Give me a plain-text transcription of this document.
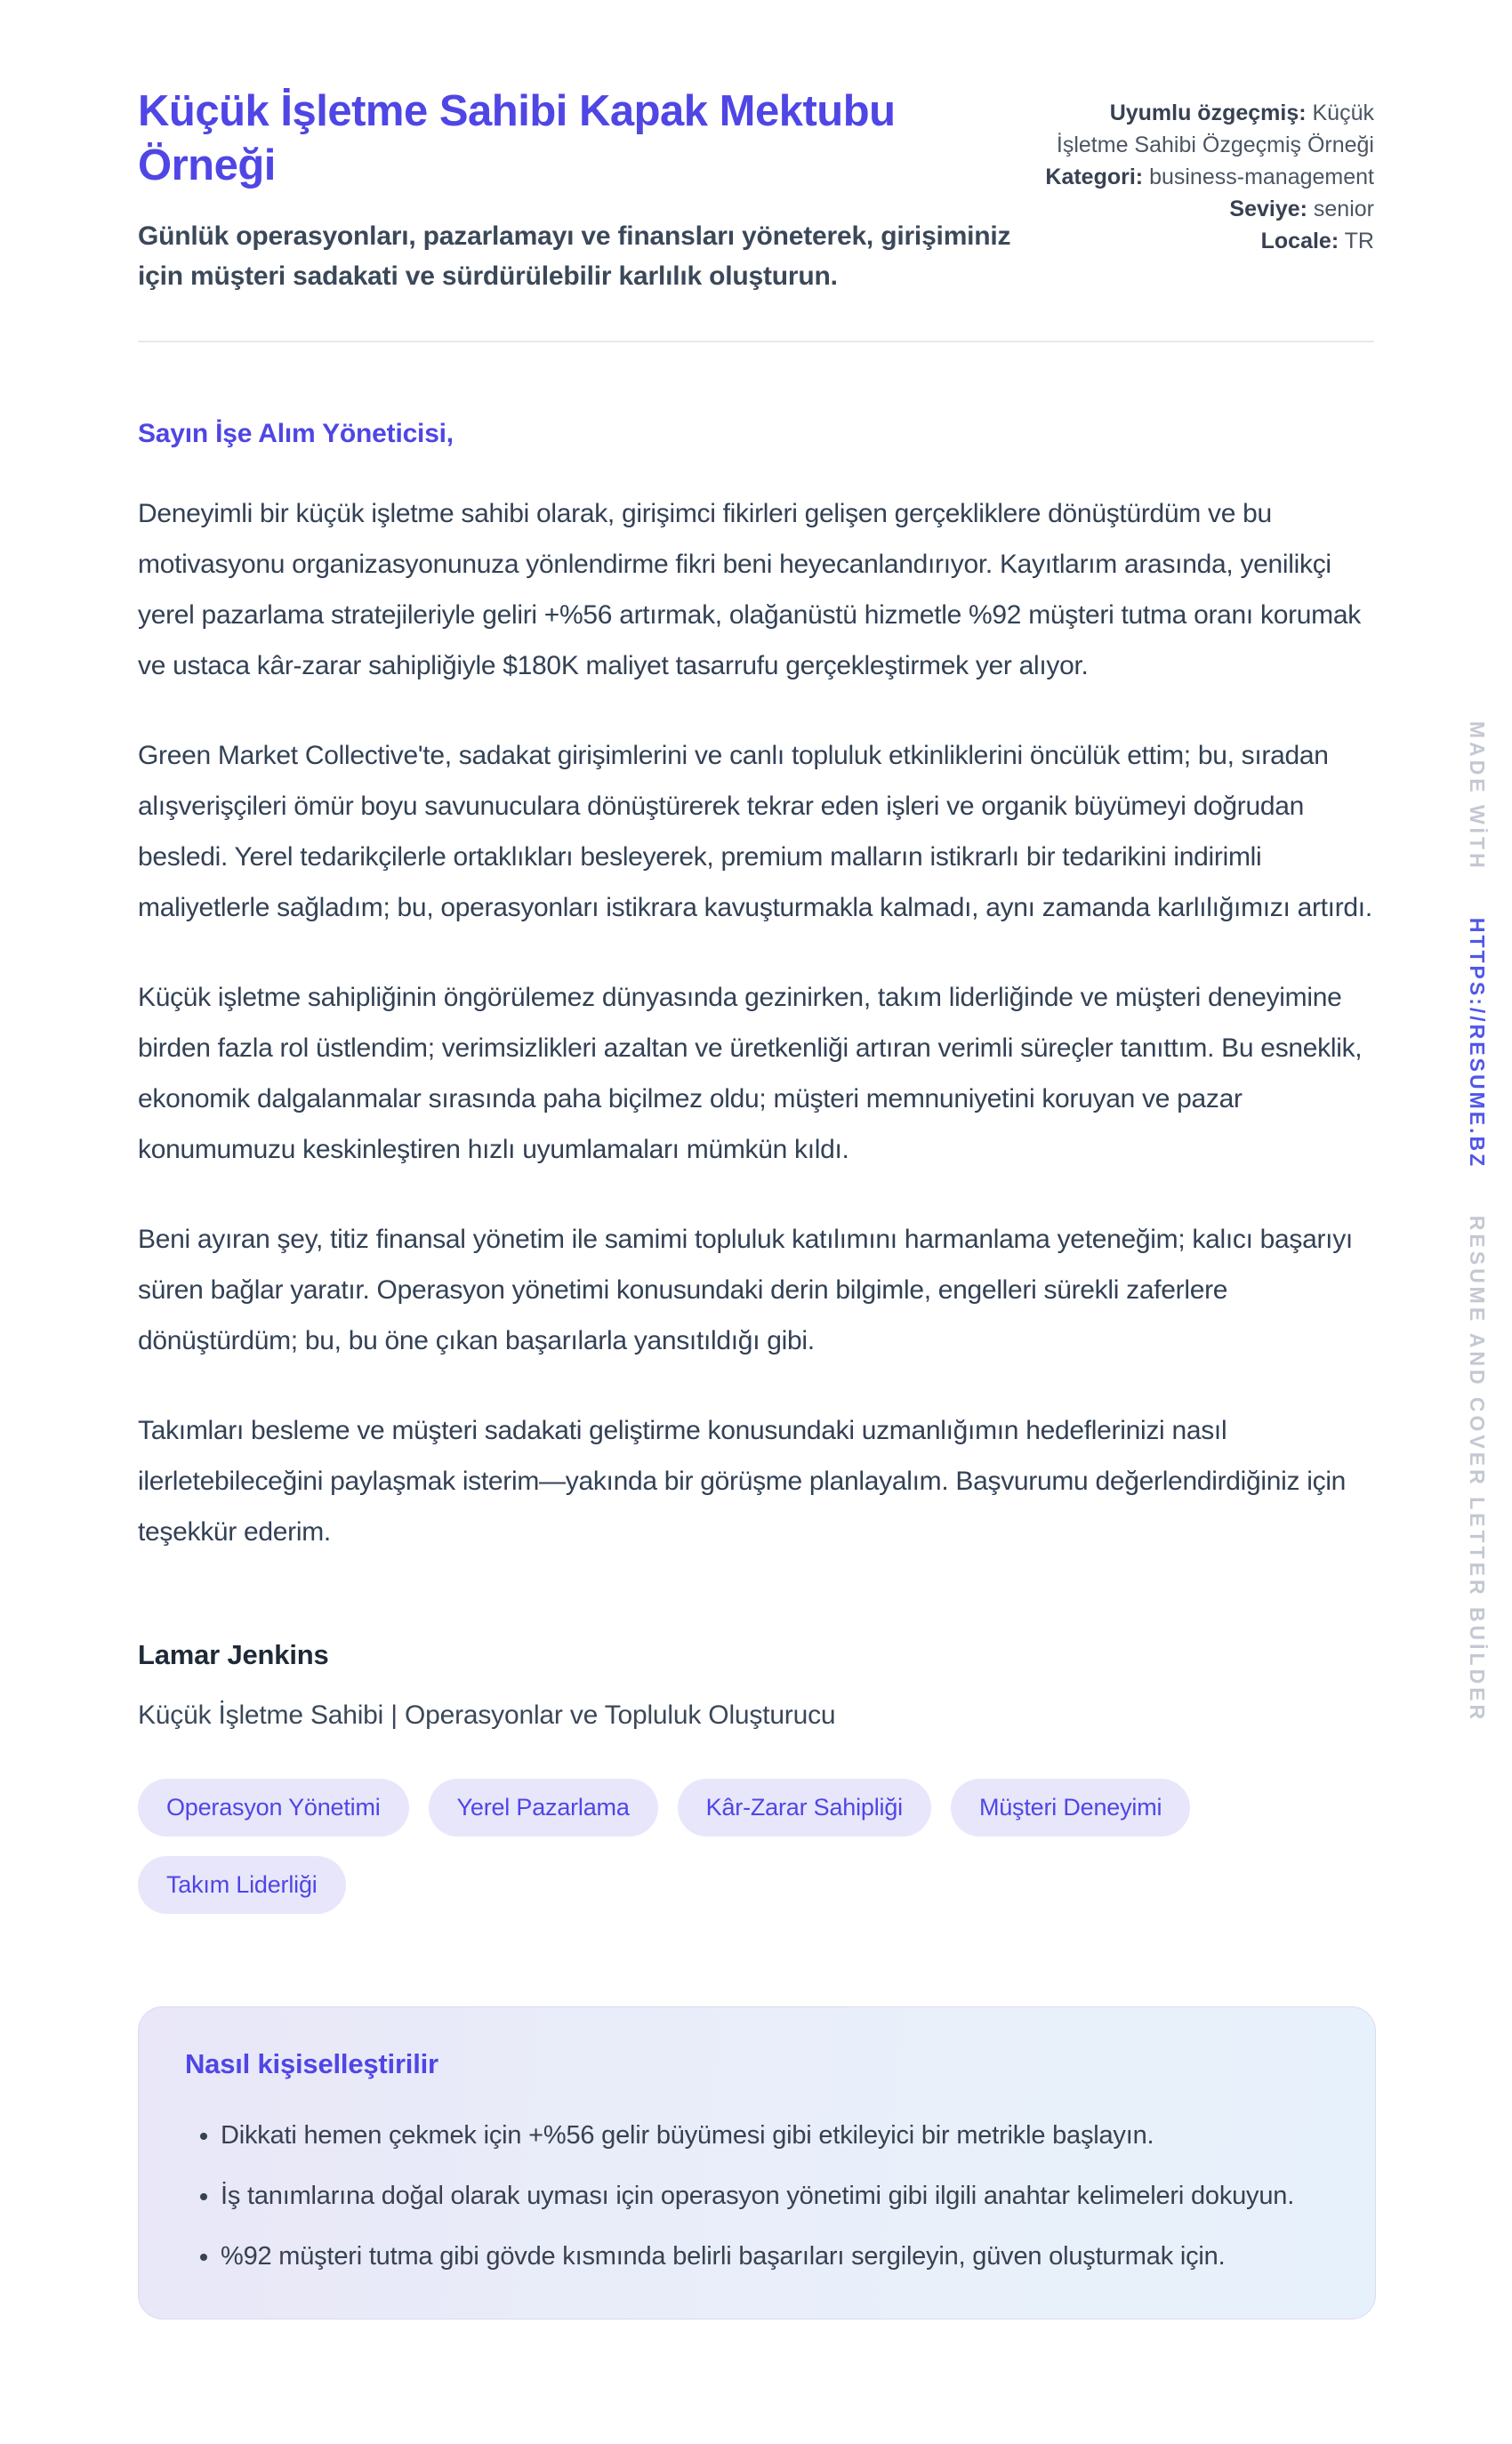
Küçük İşletme Sahibi Kapak Mektubu Örneği
Günlük operasyonları, pazarlamayı ve finansları yöneterek, girişiminiz için müşteri sadakati ve sürdürülebilir karlılık oluşturun.
Uyumlu özgeçmiş: Küçük İşletme Sahibi Özgeçmiş Örneği
Kategori: business-management
Seviye: senior
Locale: TR
Sayın İşe Alım Yöneticisi,

Deneyimli bir küçük işletme sahibi olarak, girişimci fikirleri gelişen gerçekliklere dönüştürdüm ve bu motivasyonu organizasyonunuza yönlendirme fikri beni heyecanlandırıyor. Kayıtlarım arasında, yenilikçi yerel pazarlama stratejileriyle geliri +%56 artırmak, olağanüstü hizmetle %92 müşteri tutma oranı korumak ve ustaca kâr-zarar sahipliğiyle $180K maliyet tasarrufu gerçekleştirmek yer alıyor.

Green Market Collective'te, sadakat girişimlerini ve canlı topluluk etkinliklerini öncülük ettim; bu, sıradan alışverişçileri ömür boyu savunuculara dönüştürerek tekrar eden işleri ve organik büyümeyi doğrudan besledi. Yerel tedarikçilerle ortaklıkları besleyerek, premium malların istikrarlı bir tedarikini indirimli maliyetlerle sağladım; bu, operasyonları istikrara kavuşturmakla kalmadı, aynı zamanda karlılığımızı artırdı.

Küçük işletme sahipliğinin öngörülemez dünyasında gezinirken, takım liderliğinde ve müşteri deneyimine birden fazla rol üstlendim; verimsizlikleri azaltan ve üretkenliği artıran verimli süreçler tanıttım. Bu esneklik, ekonomik dalgalanmalar sırasında paha biçilmez oldu; müşteri memnuniyetini koruyan ve pazar konumumuzu keskinleştiren hızlı uyumlamaları mümkün kıldı.

Beni ayıran şey, titiz finansal yönetim ile samimi topluluk katılımını harmanlama yeteneğim; kalıcı başarıyı süren bağlar yaratır. Operasyon yönetimi konusundaki derin bilgimle, engelleri sürekli zaferlere dönüştürdüm; bu, bu öne çıkan başarılarla yansıtıldığı gibi.

Takımları besleme ve müşteri sadakati geliştirme konusundaki uzmanlığımın hedeflerinizi nasıl ilerletebileceğini paylaşmak isterim—yakında bir görüşme planlayalım. Başvurumu değerlendirdiğiniz için teşekkür ederim.

Lamar Jenkins
Küçük İşletme Sahibi | Operasyonlar ve Topluluk Oluşturucu
Operasyon Yönetimi	Yerel Pazarlama	Kâr-Zarar Sahipliği	Müşteri Deneyimi
Takım Liderliği
Nasıl kişiselleştirilir
• Dikkati hemen çekmek için +%56 gelir büyümesi gibi etkileyici bir metrikle başlayın.
• İş tanımlarına doğal olarak uyması için operasyon yönetimi gibi ilgili anahtar kelimeleri dokuyun.
• %92 müşteri tutma gibi gövde kısmında belirli başarıları sergileyin, güven oluşturmak için.
MADE WİTH HTTPS://RESUME.BZ RESUME AND COVER LETTER BUİLDER
